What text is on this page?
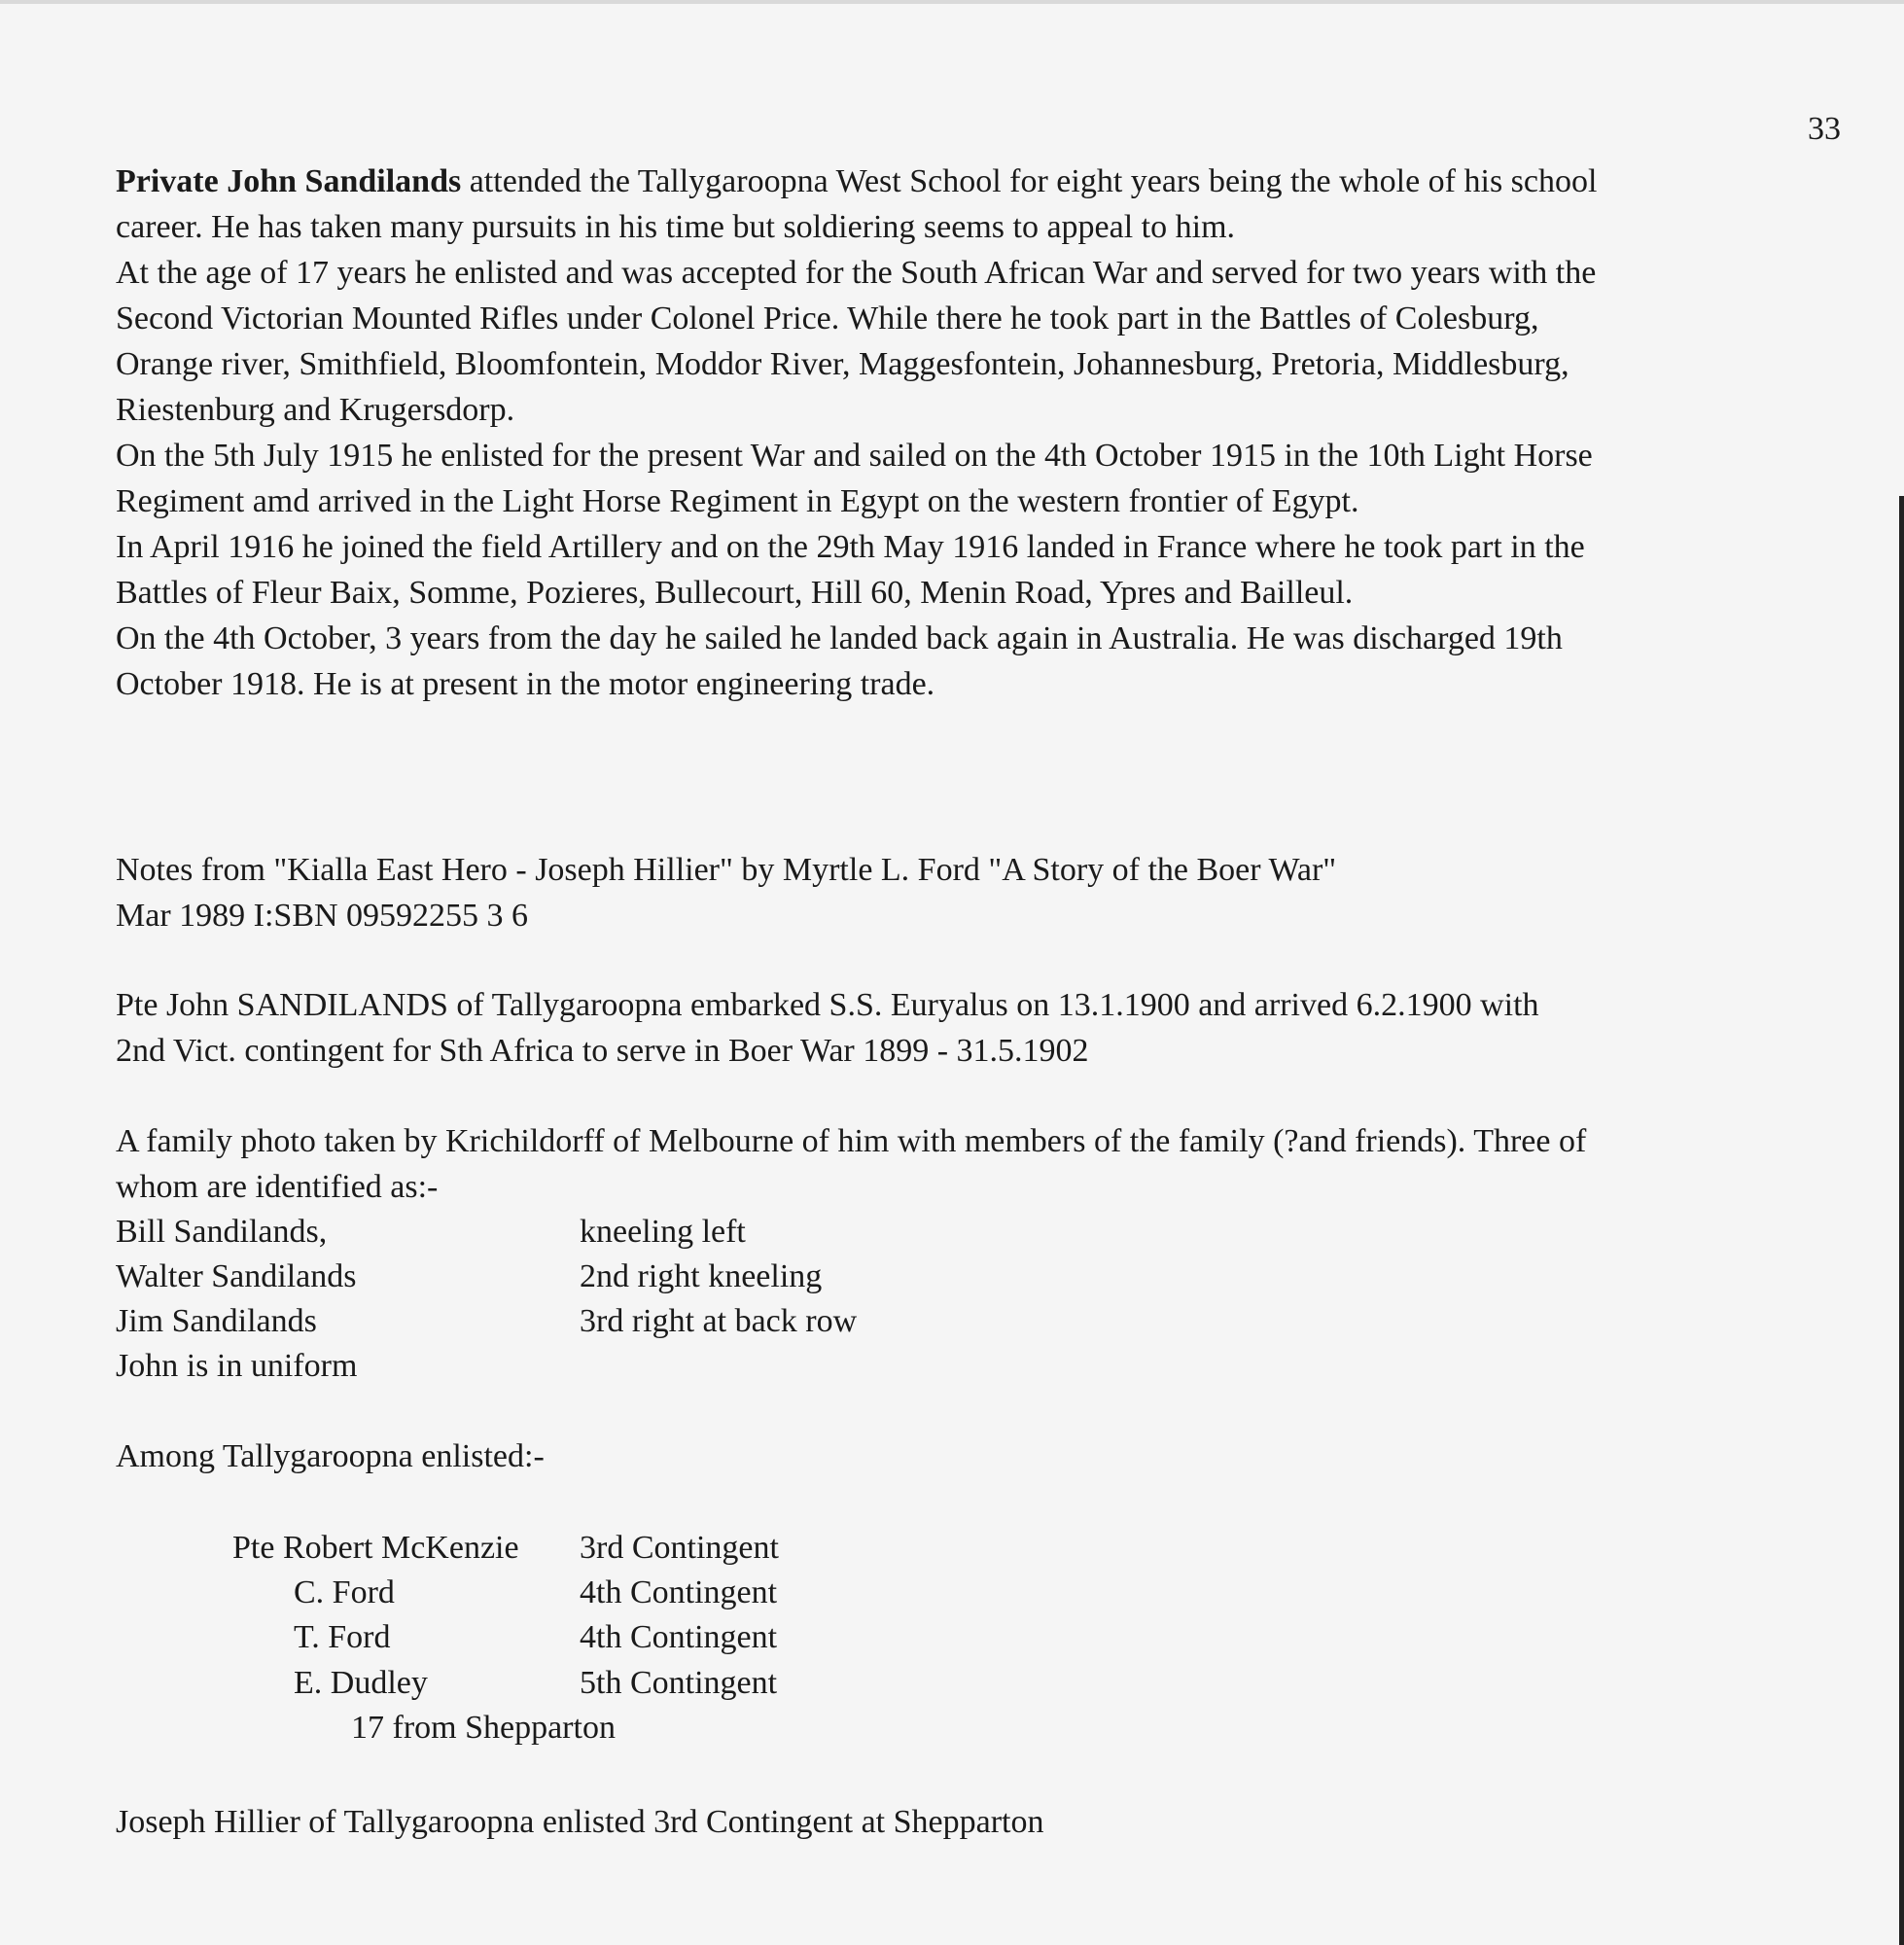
33
Private John Sandilands attended the Tallygaroopna West School for eight years being the whole of his school
career. He has taken many pursuits in his time but soldiering seems to appeal to him.
At the age of 17 years he enlisted and was accepted for the South African War and served for two years with the
Second Victorian Mounted Rifles under Colonel Price. While there he took part in the Battles of Colesburg,
Orange river, Smithfield, Bloomfontein, Moddor River, Maggesfontein, Johannesburg, Pretoria, Middlesburg,
Riestenburg and Krugersdorp.
On the 5th July 1915 he enlisted for the present War and sailed on the 4th October 1915 in the 10th Light Horse
Regiment amd arrived in the Light Horse Regiment in Egypt on the western frontier of Egypt.
In April 1916 he joined the field Artillery and on the 29th May 1916 landed in France where he took part in the
Battles of Fleur Baix, Somme, Pozieres, Bullecourt, Hill 60, Menin Road, Ypres and Bailleul.
On the 4th October, 3 years from the day he sailed he landed back again in Australia. He was discharged 19th
October 1918. He is at present in the motor engineering trade.
Notes from "Kialla East Hero - Joseph Hillier" by Myrtle L. Ford "A Story of the Boer War"
Mar 1989 I:SBN 09592255 3 6
Pte John SANDILANDS of Tallygaroopna embarked S.S. Euryalus on 13.1.1900 and arrived 6.2.1900 with
2nd Vict. contingent for Sth Africa to serve in Boer War 1899 - 31.5.1902
A family photo taken by Krichildorff of Melbourne of him with members of the family (?and friends). Three of
whom are identified as:-
Bill Sandilands,	kneeling left
Walter Sandilands	2nd right kneeling
Jim Sandilands	3rd right at back row
John is in uniform
Among Tallygaroopna enlisted:-
Pte Robert McKenzie 3rd Contingent
C. Ford	4th Contingent
T. Ford	4th Contingent
E. Dudley	5th Contingent
17 from Shepparton
Joseph Hillier of Tallygaroopna enlisted 3rd Contingent at Shepparton
